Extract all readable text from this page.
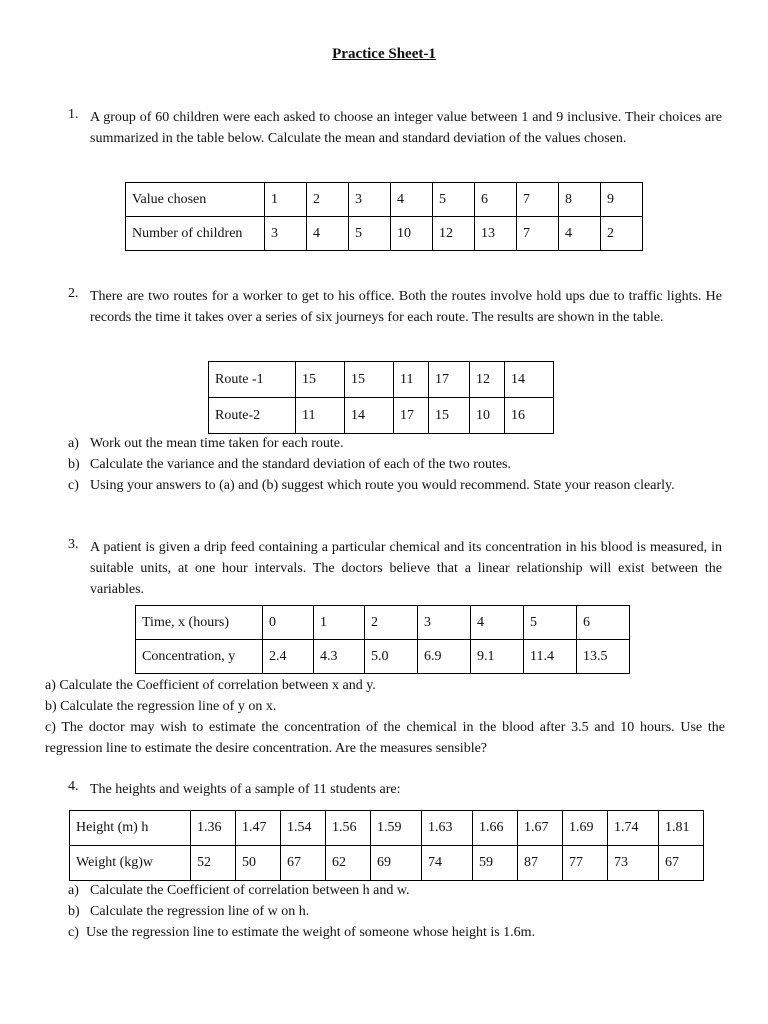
Practice Sheet-1
1. A group of 60 children were each asked to choose an integer value between 1 and 9 inclusive. Their choices are summarized in the table below. Calculate the mean and standard deviation of the values chosen.
Value chosen	1	2	3	4	5	6	7	8	9
Number of children	3	4	5	10	12	13	7	4	2
2. There are two routes for a worker to get to his office. Both the routes involve hold ups due to traffic lights. He records the time it takes over a series of six journeys for each route. The results are shown in the table.
Route -1	15	15	11	17	12	14
Route-2	11	14	17	15	10	16
a) Work out the mean time taken for each route.
b) Calculate the variance and the standard deviation of each of the two routes.
c) Using your answers to (a) and (b) suggest which route you would recommend. State your reason clearly.
3. A patient is given a drip feed containing a particular chemical and its concentration in his blood is measured, in suitable units, at one hour intervals. The doctors believe that a linear relationship will exist between the variables.
Time, x (hours)	0	1	2	3	4	5	6
Concentration, y	2.4	4.3	5.0	6.9	9.1	11.4	13.5
a) Calculate the Coefficient of correlation between x and y.
b) Calculate the regression line of y on x.
c) The doctor may wish to estimate the concentration of the chemical in the blood after 3.5 and 10 hours. Use the regression line to estimate the desire concentration. Are the measures sensible?
4. The heights and weights of a sample of 11 students are:
Height (m) h	1.36	1.47	1.54	1.56	1.59	1.63	1.66	1.67	1.69	1.74	1.81
Weight (kg)w	52	50	67	62	69	74	59	87	77	73	67
a) Calculate the Coefficient of correlation between h and w.
b) Calculate the regression line of w on h.
c) Use the regression line to estimate the weight of someone whose height is 1.6m.
